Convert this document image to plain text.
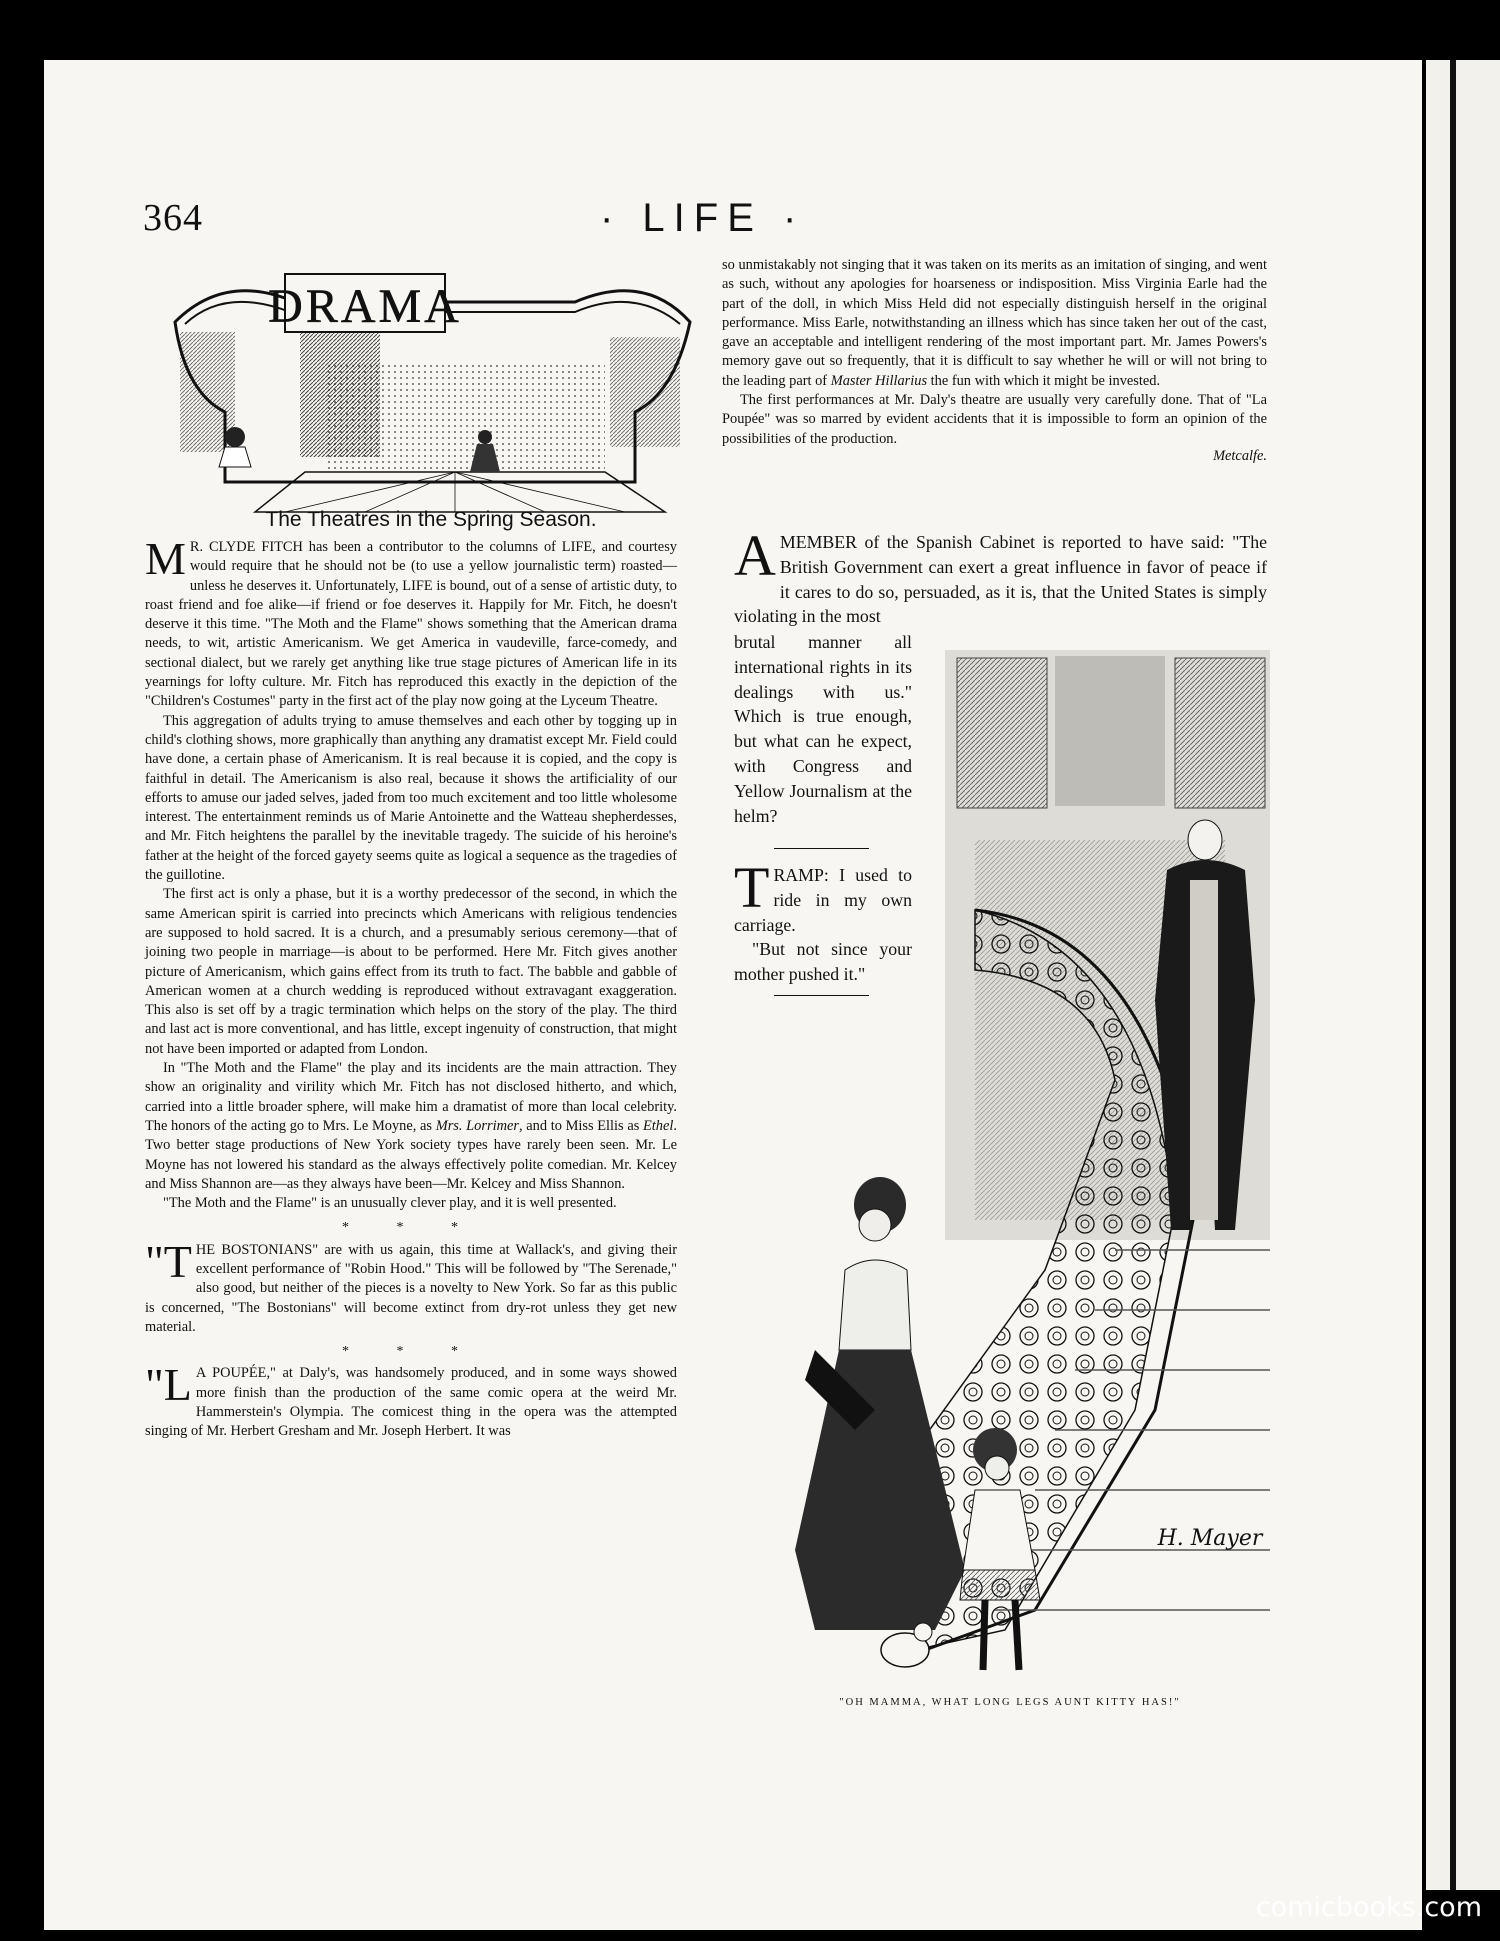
364	· LIFE ·
DRAMA
The Theatres in the Spring Season.

M R. CLYDE FITCH has been a contributor to the columns of LIFE, and courtesy would require that he should not be (to use a yellow journalistic term) roasted—unless he deserves it. Unfortunately, LIFE is bound, out of a sense of artistic duty, to roast friend and foe alike—if friend or foe deserves it. Happily for Mr. Fitch, he doesn't deserve it this time. "The Moth and the Flame" shows something that the American drama needs, to wit, artistic Americanism. We get America in vaudeville, farce-comedy, and sectional dialect, but we rarely get anything like true stage pictures of American life in its yearnings for lofty culture. Mr. Fitch has reproduced this exactly in the depiction of the "Children's Costumes" party in the first act of the play now going at the Lyceum Theatre.

This aggregation of adults trying to amuse themselves and each other by togging up in child's clothing shows, more graphically than anything any dramatist except Mr. Field could have done, a certain phase of Americanism. It is real because it is copied, and the copy is faithful in detail. The Americanism is also real, because it shows the artificiality of our efforts to amuse our jaded selves, jaded from too much excitement and too little wholesome interest. The entertainment reminds us of Marie Antoinette and the Watteau shepherdesses, and Mr. Fitch heightens the parallel by the inevitable tragedy. The suicide of his heroine's father at the height of the forced gayety seems quite as logical a sequence as the tragedies of the guillotine.

The first act is only a phase, but it is a worthy predecessor of the second, in which the same American spirit is carried into precincts which Americans with religious tendencies are supposed to hold sacred. It is a church, and a presumably serious ceremony—that of joining two people in marriage—is about to be performed. Here Mr. Fitch gives another picture of Americanism, which gains effect from its truth to fact. The babble and gabble of American women at a church wedding is reproduced without extravagant exaggeration. This also is set off by a tragic termination which helps on the story of the play. The third and last act is more conventional, and has little, except ingenuity of construction, that might not have been imported or adapted from London.

In "The Moth and the Flame" the play and its incidents are the main attraction. They show an originality and virility which Mr. Fitch has not disclosed hitherto, and which, carried into a little broader sphere, will make him a dramatist of more than local celebrity. The honors of the acting go to Mrs. Le Moyne, as Mrs. Lorrimer, and to Miss Ellis as Ethel. Two better stage productions of New York society types have rarely been seen. Mr. Le Moyne has not lowered his standard as the always effectively polite comedian. Mr. Kelcey and Miss Shannon are—as they always have been—Mr. Kelcey and Miss Shannon.

"The Moth and the Flame" is an unusually clever play, and it is well presented.

* * *

"T HE BOSTONIANS" are with us again, this time at Wallack's, and giving their excellent performance of "Robin Hood." This will be followed by "The Serenade," also good, but neither of the pieces is a novelty to New York. So far as this public is concerned, "The Bostonians" will become extinct from dry-rot unless they get new material.

* * *

"L A POUPÉE," at Daly's, was handsomely produced, and in some ways showed more finish than the production of the same comic opera at the weird Mr. Hammerstein's Olympia. The comicest thing in the opera was the attempted singing of Mr. Herbert Gresham and Mr. Joseph Herbert. It was

so unmistakably not singing that it was taken on its merits as an imitation of singing, and went as such, without any apologies for hoarseness or indisposition. Miss Virginia Earle had the part of the doll, in which Miss Held did not especially distinguish herself in the original performance. Miss Earle, notwithstanding an illness which has since taken her out of the cast, gave an acceptable and intelligent rendering of the most important part. Mr. James Powers's memory gave out so frequently, that it is difficult to say whether he will or will not bring to the leading part of Master Hillarius the fun with which it might be invested.

The first performances at Mr. Daly's theatre are usually very carefully done. That of "La Poupée" was so marred by evident accidents that it is impossible to form an opinion of the possibilities of the production.

Metcalfe.

AMEMBER of the Spanish Cabinet is reported to have said: "The British Government can exert a great influence in favor of peace if it cares to do so, persuaded, as it is, that the United States is simply violating in the most

brutal manner all international rights in its dealings with us." Which is true enough, but what can he expect, with Congress and Yellow Journalism at the helm?

TRAMP: I used to ride in my own carriage.

"But not since your mother pushed it."

H. Mayer
"OH MAMMA, WHAT LONG LEGS AUNT KITTY HAS!"
comicbooks.com
